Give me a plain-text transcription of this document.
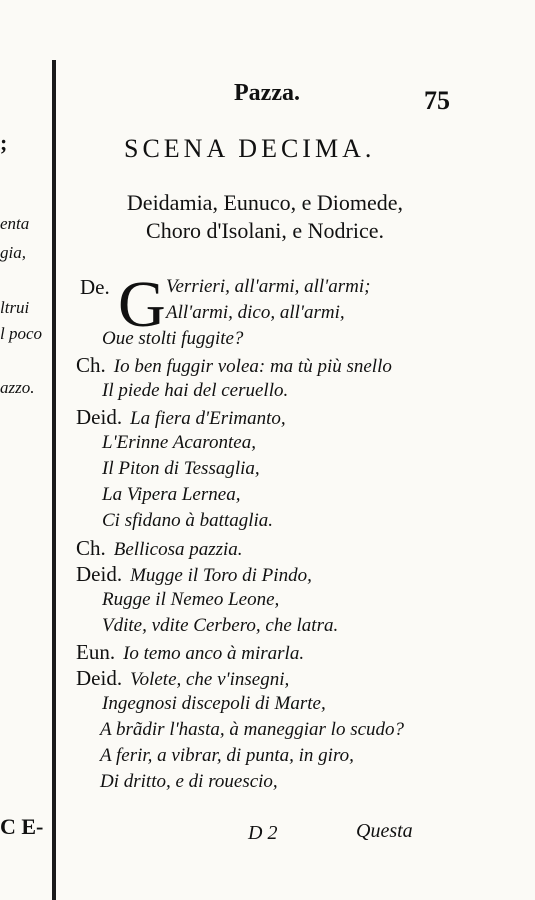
;
enta
gia,
ltrui
l poco
azzo.
C E-
Pazza.	75
SCENA DECIMA.
Deidamia, Eunuco, e Diomede,
Choro d'Isolani, e Nodrice.
G
De.	Verrieri, all'armi, all'armi;
All'armi, dico, all'armi,
Oue stolti fuggite?
Ch. Io ben fuggir volea: ma tù più snello
Il piede hai del ceruello.
Deid. La fiera d'Erimanto,
L'Erinne Acarontea,
Il Piton di Tessaglia,
La Vipera Lernea,
Ci sfidano à battaglia.
Ch. Bellicosa pazzia.
Deid. Mugge il Toro di Pindo,
Rugge il Nemeo Leone,
Vdite, vdite Cerbero, che latra.
Eun. Io temo anco à mirarla.
Deid. Volete, che v'insegni,
Ingegnosi discepoli di Marte,
A brãdir l'hasta, à maneggiar lo scudo?
A ferir, a vibrar, di punta, in giro,
Di dritto, e di rouescio,
D 2	Questa
